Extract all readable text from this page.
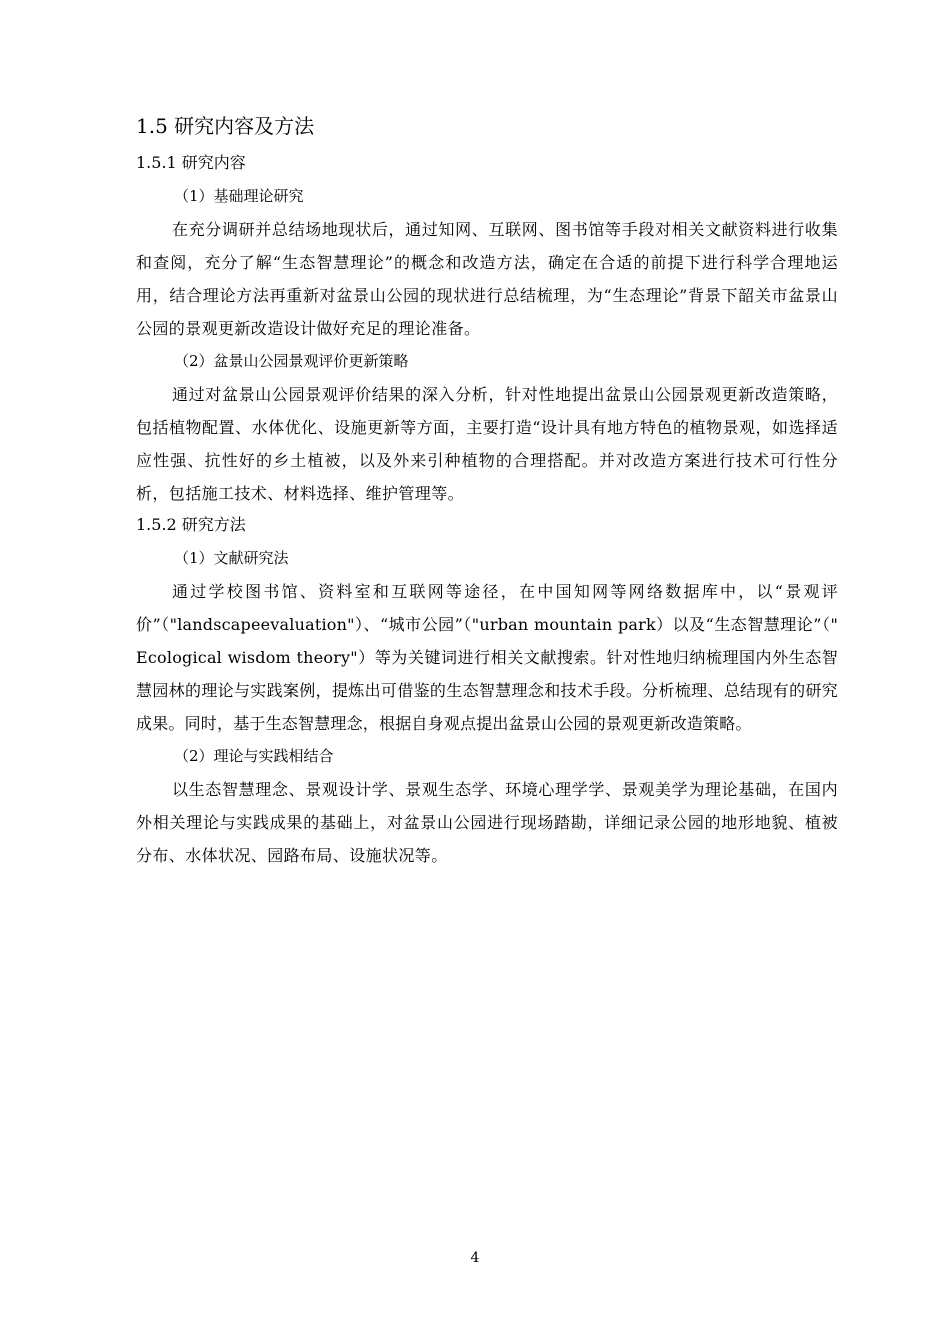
1.5 研究内容及方法
1.5.1 研究内容

（1）基础理论研究

在充分调研并总结场地现状后，通过知网、互联网、图书馆等手段对相关文献资料进行收集和查阅，充分了解“生态智慧理论”的概念和改造方法，确定在合适的前提下进行科学合理地运用，结合理论方法再重新对盆景山公园的现状进行总结梳理，为“生态理论”背景下韶关市盆景山公园的景观更新改造设计做好充足的理论准备。

（2）盆景山公园景观评价更新策略

通过对盆景山公园景观评价结果的深入分析，针对性地提出盆景山公园景观更新改造策略，包括植物配置、水体优化、设施更新等方面，主要打造“设计具有地方特色的植物景观，如选择适应性强、抗性好的乡土植被，以及外来引种植物的合理搭配。并对改造方案进行技术可行性分析，包括施工技术、材料选择、维护管理等。

1.5.2 研究方法

（1）文献研究法

通过学校图书馆、资料室和互联网等途径，在中国知网等网络数据库中，以“景观评价”（"landscapeevaluation"）、“城市公园”（"urban mountain park）以及“生态智慧理论”（" Ecological wisdom theory"）等为关键词进行相关文献搜索。针对性地归纳梳理国内外生态智慧园林的理论与实践案例，提炼出可借鉴的生态智慧理念和技术手段。分析梳理、总结现有的研究成果。同时，基于生态智慧理念，根据自身观点提出盆景山公园的景观更新改造策略。

（2）理论与实践相结合

以生态智慧理念、景观设计学、景观生态学、环境心理学学、景观美学为理论基础，在国内外相关理论与实践成果的基础上，对盆景山公园进行现场踏勘，详细记录公园的地形地貌、植被分布、水体状况、园路布局、设施状况等。

4
